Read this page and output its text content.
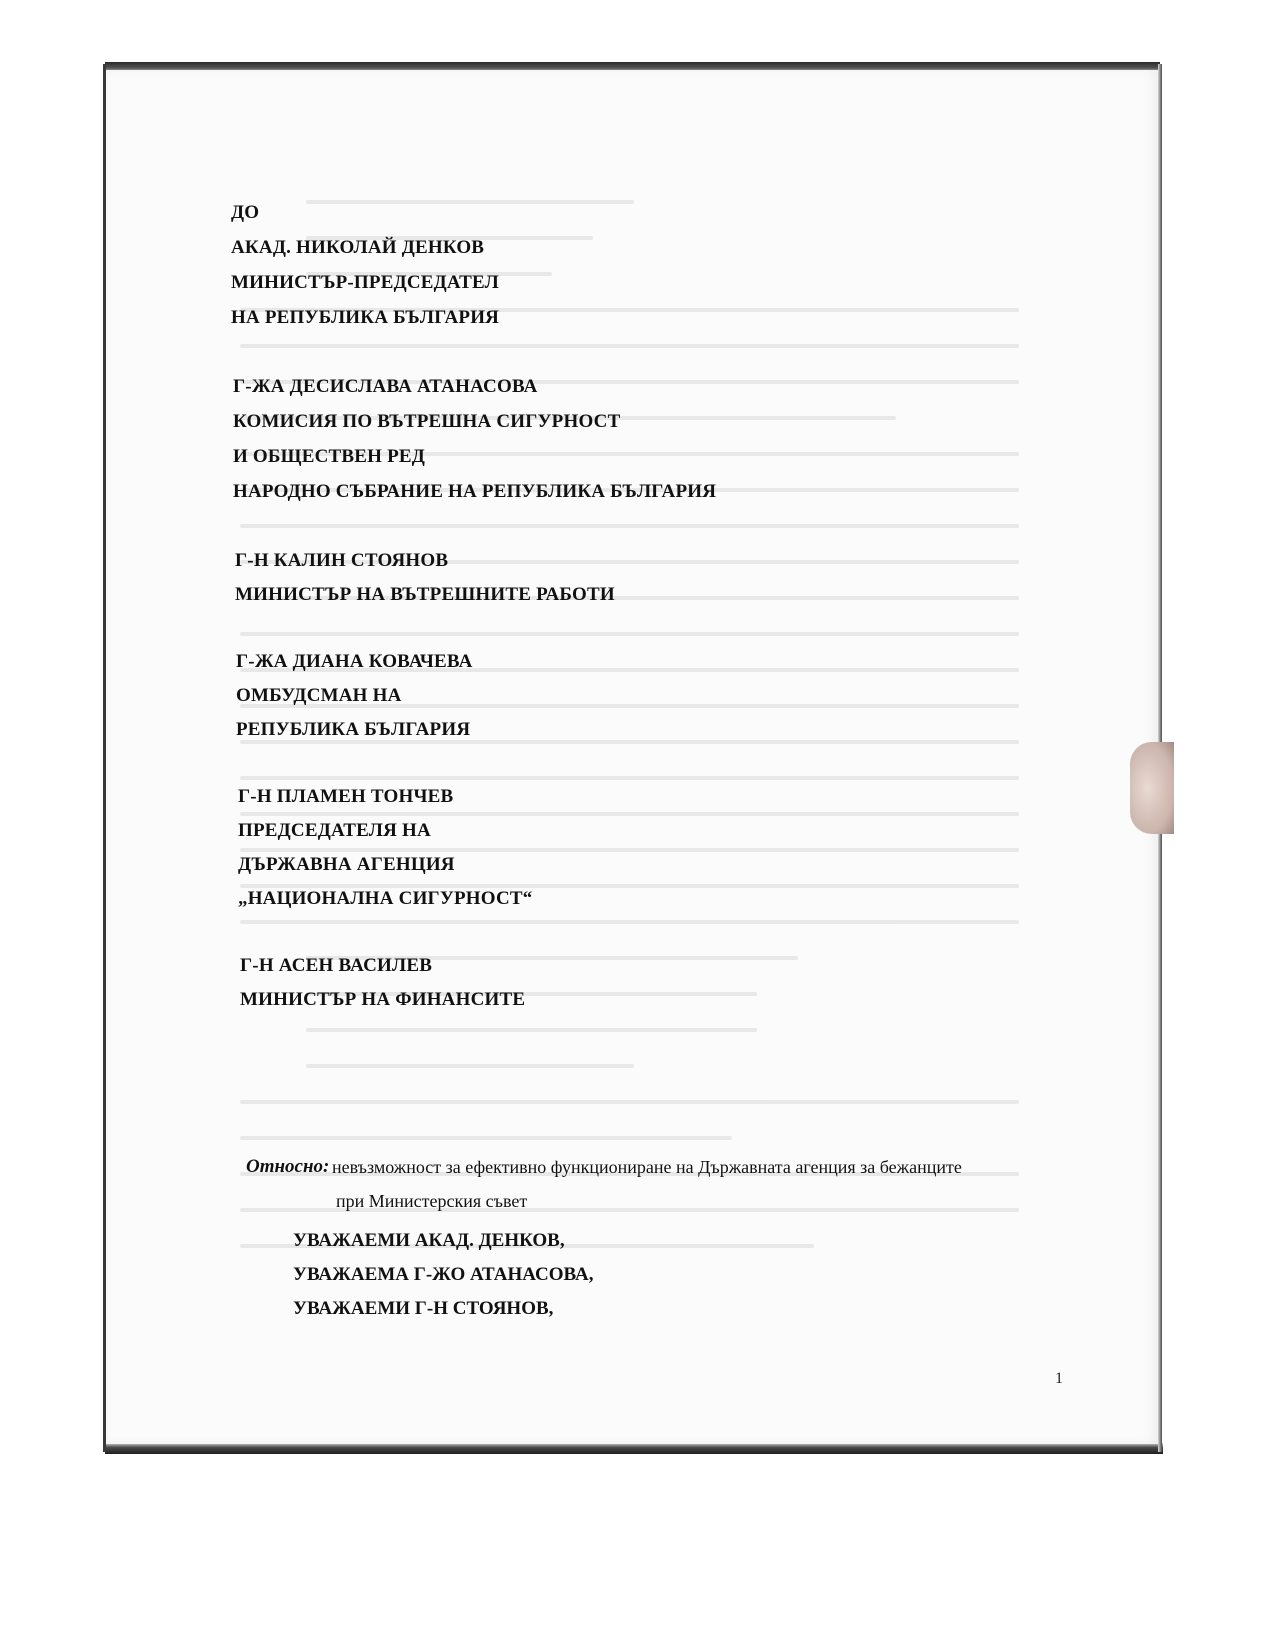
ДО
АКАД. НИКОЛАЙ ДЕНКОВ
МИНИСТЪР-ПРЕДСЕДАТЕЛ
НА РЕПУБЛИКА БЪЛГАРИЯ
Г-ЖА ДЕСИСЛАВА АТАНАСОВА
КОМИСИЯ ПО ВЪТРЕШНА СИГУРНОСТ
И ОБЩЕСТВЕН РЕД
НАРОДНО СЪБРАНИЕ НА РЕПУБЛИКА БЪЛГАРИЯ
Г-Н КАЛИН СТОЯНОВ
МИНИСТЪР НА ВЪТРЕШНИТЕ РАБОТИ
Г-ЖА ДИАНА КОВАЧЕВА
ОМБУДСМАН НА
РЕПУБЛИКА БЪЛГАРИЯ
Г-Н ПЛАМЕН ТОНЧЕВ
ПРЕДСЕДАТЕЛЯ НА
ДЪРЖАВНА АГЕНЦИЯ
„НАЦИОНАЛНА СИГУРНОСТ“
Г-Н АСЕН ВАСИЛЕВ
МИНИСТЪР НА ФИНАНСИТЕ
Относно: невъзможност за ефективно функциониране на Държавната агенция за бежанците
при Министерския съвет
УВАЖАЕМИ АКАД. ДЕНКОВ,
УВАЖАЕМА Г-ЖО АТАНАСОВА,
УВАЖАЕМИ Г-Н СТОЯНОВ,
1
